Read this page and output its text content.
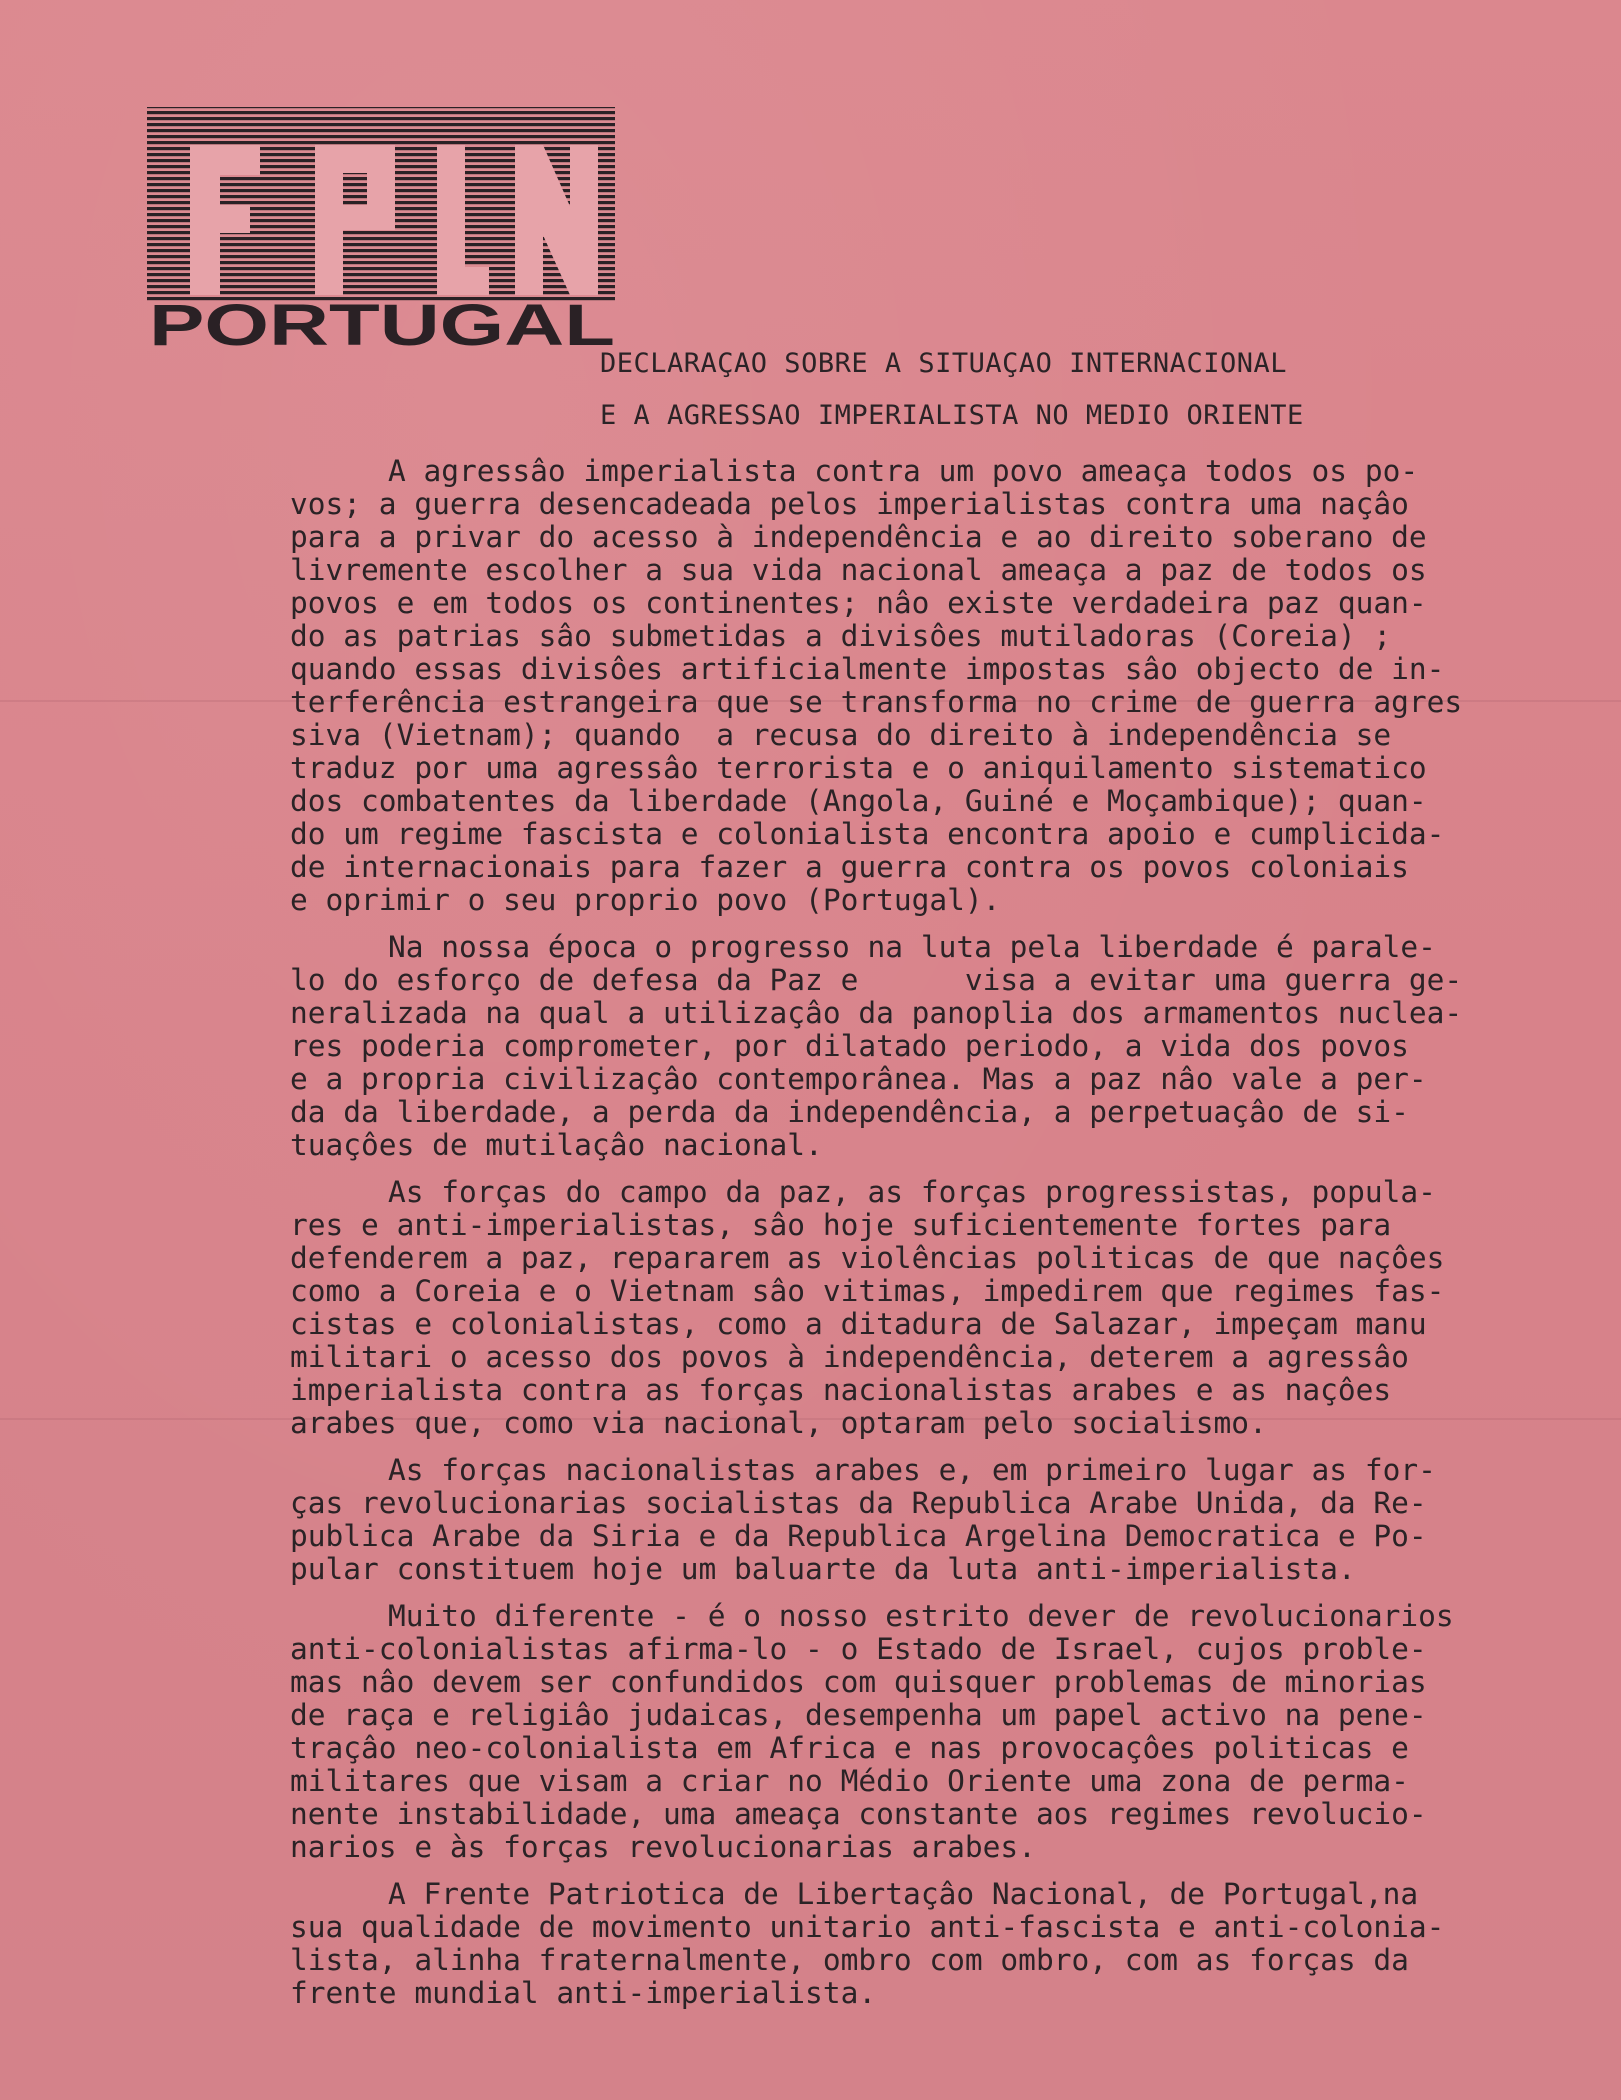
PORTUGAL
DECLARAÇAO SOBRE A SITUAÇAO INTERNACIONAL
E A AGRESSAO IMPERIALISTA NO MEDIO ORIENTE
A agressâo imperialista contra um povo ameaça todos os po-
vos; a guerra desencadeada pelos imperialistas contra uma naçâo
para a privar do acesso à independência e ao direito soberano de
livremente escolher a sua vida nacional ameaça a paz de todos os
povos e em todos os continentes; nâo existe verdadeira paz quan-
do as patrias sâo submetidas a divisôes mutiladoras (Coreia) ;
quando essas divisôes artificialmente impostas sâo objecto de in-
terferência estrangeira que se transforma no crime de guerra agres
siva (Vietnam); quando  a recusa do direito à independência se
traduz por uma agressâo terrorista e o aniquilamento sistematico
dos combatentes da liberdade (Angola, Guiné e Moçambique); quan-
do um regime fascista e colonialista encontra apoio e cumplicida-
de internacionais para fazer a guerra contra os povos coloniais
e oprimir o seu proprio povo (Portugal).
Na nossa época o progresso na luta pela liberdade é parale-
lo do esforço de defesa da Paz e      visa a evitar uma guerra ge-
neralizada na qual a utilizaçâo da panoplia dos armamentos nuclea-
res poderia comprometer, por dilatado periodo, a vida dos povos
e a propria civilizaçâo contemporânea. Mas a paz nâo vale a per-
da da liberdade, a perda da independência, a perpetuaçâo de si-
tuaçôes de mutilaçâo nacional.
As forças do campo da paz, as forças progressistas, popula-
res e anti-imperialistas, sâo hoje suficientemente fortes para
defenderem a paz, repararem as violências politicas de que naçôes
como a Coreia e o Vietnam sâo vitimas, impedirem que regimes fas-
cistas e colonialistas, como a ditadura de Salazar, impeçam manu
militari o acesso dos povos à independência, deterem a agressâo
imperialista contra as forças nacionalistas arabes e as naçôes
arabes que, como via nacional, optaram pelo socialismo.
As forças nacionalistas arabes e, em primeiro lugar as for-
ças revolucionarias socialistas da Republica Arabe Unida, da Re-
publica Arabe da Siria e da Republica Argelina Democratica e Po-
pular constituem hoje um baluarte da luta anti-imperialista.
Muito diferente - é o nosso estrito dever de revolucionarios
anti-colonialistas afirma-lo - o Estado de Israel, cujos proble-
mas nâo devem ser confundidos com quisquer problemas de minorias
de raça e religiâo judaicas, desempenha um papel activo na pene-
traçâo neo-colonialista em Africa e nas provocaçôes politicas e
militares que visam a criar no Médio Oriente uma zona de perma-
nente instabilidade, uma ameaça constante aos regimes revolucio-
narios e às forças revolucionarias arabes.
A Frente Patriotica de Libertaçâo Nacional, de Portugal,na
sua qualidade de movimento unitario anti-fascista e anti-colonia-
lista, alinha fraternalmente, ombro com ombro, com as forças da
frente mundial anti-imperialista.
